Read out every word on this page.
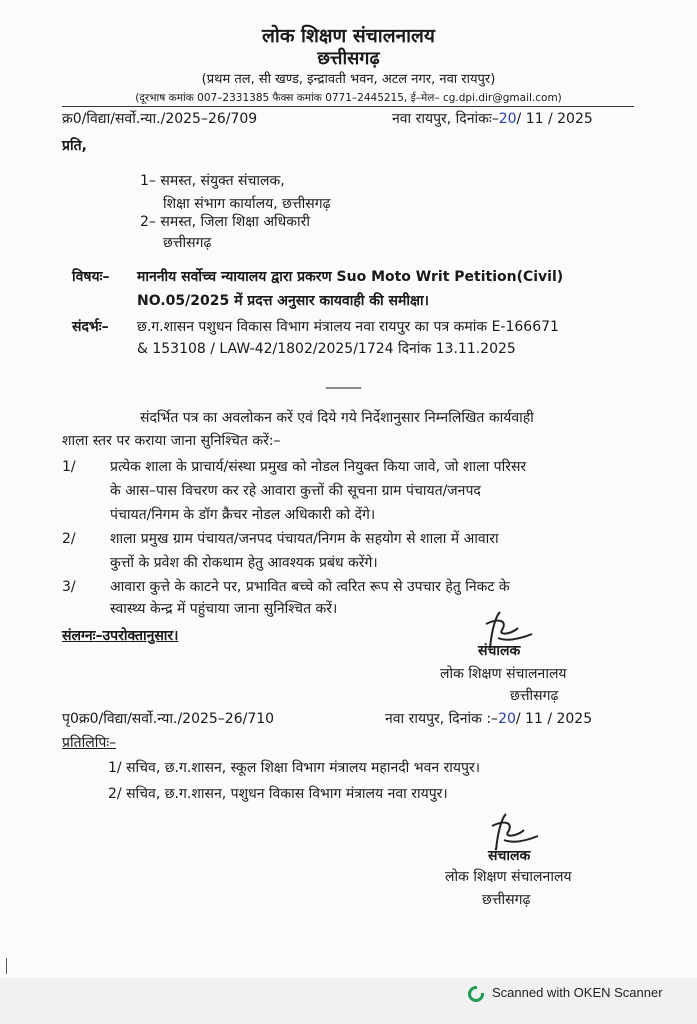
लोक शिक्षण संचालनालय
छत्तीसगढ़
(प्रथम तल, सी खण्ड, इन्द्रावती भवन, अटल नगर, नवा रायपुर)
(दूरभाष कमांक 007–2331385 फैक्स कमांक 0771–2445215, ई–मेल– cg.dpi.dir@gmail.com)
क्र0/विद्या/सर्वो.न्या./2025–26/709	नवा रायपुर, दिनांकः–20/ 11 / 2025
प्रति,
1– समस्त, संयुक्त संचालक,
शिक्षा संभाग कार्यालय, छत्तीसगढ़
2– समस्त, जिला शिक्षा अधिकारी
छत्तीसगढ़
विषयः– माननीय सर्वोच्च न्यायालय द्वारा प्रकरण Suo Moto Writ Petition(Civil)
NO.05/2025 में प्रदत्त अनुसार कायवाही की समीक्षा।
संदर्भः– छ.ग.शासन पशुधन विकास विभाग मंत्रालय नवा रायपुर का पत्र कमांक E-166671
& 153108 / LAW-42/1802/2025/1724 दिनांक 13.11.2025
_____
संदर्भित पत्र का अवलोकन करें एवं दिये गये निर्देशानुसार निम्नलिखित कार्यवाही
शाला स्तर पर कराया जाना सुनिश्चित करें:–
1/ प्रत्येक शाला के प्राचार्य/संस्था प्रमुख को नोडल नियुक्त किया जावे, जो शाला परिसर
के आस–पास विचरण कर रहे आवारा कुत्तों की सूचना ग्राम पंचायत/जनपद
पंचायत/निगम के डॉग क्रैचर नोडल अधिकारी को देंगे।
2/ शाला प्रमुख ग्राम पंचायत/जनपद पंचायत/निगम के सहयोग से शाला में आवारा
कुत्तों के प्रवेश की रोकथाम हेतु आवश्यक प्रबंध करेंगे।
3/ आवारा कुत्ते के काटने पर, प्रभावित बच्चे को त्वरित रूप से उपचार हेतु निकट के
स्वास्थ्य केन्द्र में पहुंचाया जाना सुनिश्चित करें।
संलग्नः–उपरोक्तानुसार।
संचालक
लोक शिक्षण संचालनालय
छत्तीसगढ़
पृ0क्र0/विद्या/सर्वो.न्या./2025–26/710	नवा रायपुर, दिनांक :–20/ 11 / 2025
प्रतिलिपिः–
1/ सचिव, छ.ग.शासन, स्कूल शिक्षा विभाग मंत्रालय महानदी भवन रायपुर।
2/ सचिव, छ.ग.शासन, पशुधन विकास विभाग मंत्रालय नवा रायपुर।
संचालक
लोक शिक्षण संचालनालय
छत्तीसगढ़
Scanned with OKEN Scanner
